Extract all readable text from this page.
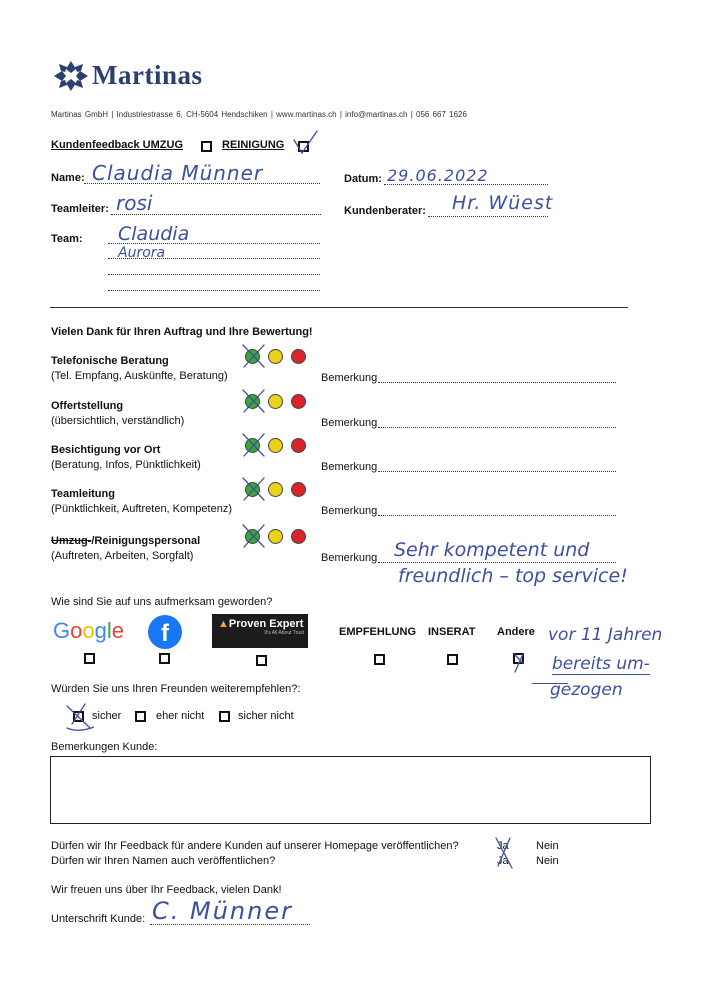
Martinas
Martinas GmbH | Industriestrasse 6, CH-5604 Hendschiken | www.martinas.ch | info@martinas.ch | 056 667 1626
Kundenfeedback UMZUG	REINIGUNG
Name: Claudia Münner	Datum: 29.06.2022
Teamleiter: rosi	Kundenberater: Hr. Wüest
Team: Claudia
Aurora
Vielen Dank für Ihren Auftrag und Ihre Bewertung!
Telefonische Beratung
(Tel. Empfang, Auskünfte, Beratung)	Bemerkung
Offertstellung
(übersichtlich, verständlich)	Bemerkung
Besichtigung vor Ort
(Beratung, Infos, Pünktlichkeit)	Bemerkung
Teamleitung
(Pünktlichkeit, Auftreten, Kompetenz)	Bemerkung
Umzug-/Reinigungspersonal
(Auftreten, Arbeiten, Sorgfalt)	Bemerkung Sehr kompetent und
freundlich – top service!
Wie sind Sie auf uns aufmerksam geworden?
Google	f	▲Proven Expert
It's All About Trust	EMPFEHLUNG INSERAT Andere vor 11 Jahren
bereits um-
gezogen
Würden Sie uns Ihren Freunden weiterempfehlen?:
sicher	eher nicht	sicher nicht
Bemerkungen Kunde:
Dürfen wir Ihr Feedback für andere Kunden auf unserer Homepage veröffentlichen?	Ja Nein
Dürfen wir Ihren Namen auch veröffentlichen?	Ja Nein
Wir freuen uns über Ihr Feedback, vielen Dank!
Unterschrift Kunde: C. Münner
